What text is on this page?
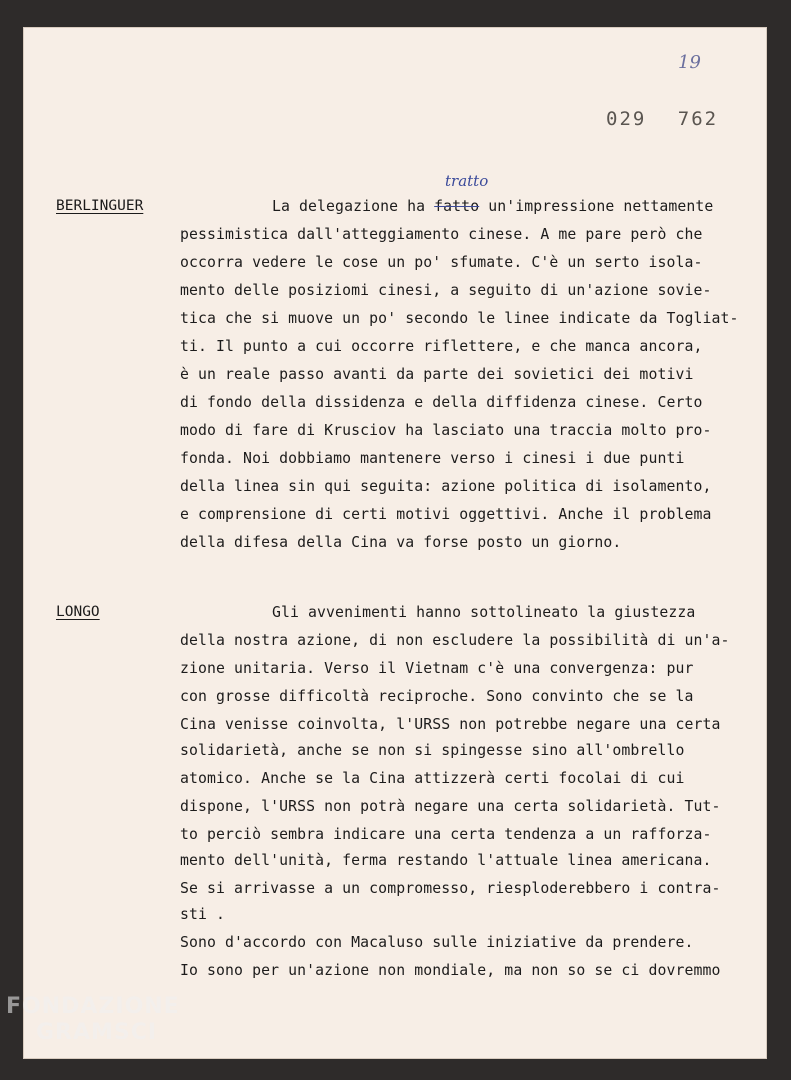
19
029 762
tratto
BERLINGUER	La delegazione ha fatto un'impressione nettamente
pessimistica dall'atteggiamento cinese. A me pare però che
occorra vedere le cose un po' sfumate. C'è un serto isola-
mento delle posiziomi cinesi, a seguito di un'azione sovie-
tica che si muove un po' secondo le linee indicate da Togliat-
ti. Il punto a cui occorre riflettere, e che manca ancora,
è un reale passo avanti da parte dei sovietici dei motivi
di fondo della dissidenza e della diffidenza cinese. Certo
modo di fare di Krusciov ha lasciato una traccia molto pro-
fonda. Noi dobbiamo mantenere verso i cinesi i due punti
della linea sin qui seguita: azione politica di isolamento,
e comprensione di certi motivi oggettivi. Anche il problema
della difesa della Cina va forse posto un giorno.
LONGO	Gli avvenimenti hanno sottolineato la giustezza
della nostra azione, di non escludere la possibilità di un'a-
zione unitaria. Verso il Vietnam c'è una convergenza: pur
con grosse difficoltà reciproche. Sono convinto che se la
Cina venisse coinvolta, l'URSS non potrebbe negare una certa
solidarietà, anche se non si spingesse sino all'ombrello
atomico. Anche se la Cina attizzerà certi focolai di cui
dispone, l'URSS non potrà negare una certa solidarietà. Tut-
to perciò sembra indicare una certa tendenza a un rafforza-
mento dell'unità, ferma restando l'attuale linea americana.
Se si arrivasse a un compromesso, riesploderebbero i contra-
sti .
Sono d'accordo con Macaluso sulle iniziative da prendere.
Io sono per un'azione non mondiale, ma non so se ci dovremmo
FONDAZIONE
GRAMSCI
